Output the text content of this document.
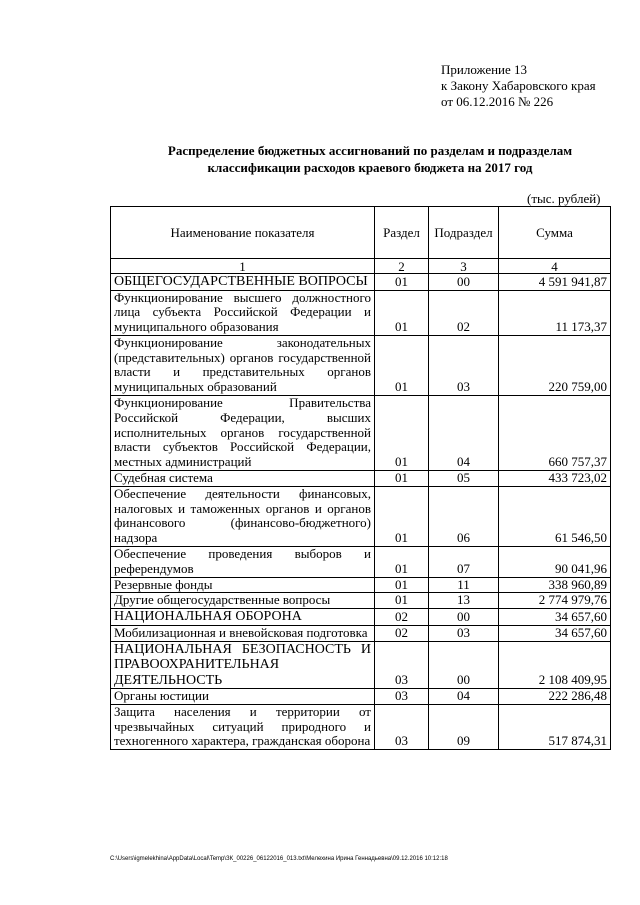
Приложение 13
к Закону Хабаровского края
от 06.12.2016 № 226
Распределение бюджетных ассигнований по разделам и подразделам
классификации расходов краевого бюджета на 2017 год
(тыс. рублей)
Наименование показателя	Раздел	Подраздел	Сумма
1	2	3	4
ОБЩЕГОСУДАРСТВЕННЫЕ ВОПРОСЫ	01	00	4 591 941,87
Функционирование высшего должностного лица субъекта Российской Федерации и муниципального образования	01	02	11 173,37
Функционирование законодательных (представительных) органов государственной власти и представительных органов муниципальных образований	01	03	220 759,00
Функционирование Правительства Российской Федерации, высших исполнительных органов государственной власти субъектов Российской Федерации, местных администраций	01	04	660 757,37
Судебная система	01	05	433 723,02
Обеспечение деятельности финансовых, налоговых и таможенных органов и органов финансового (финансово-бюджетного) надзора	01	06	61 546,50
Обеспечение проведения выборов и референдумов	01	07	90 041,96
Резервные фонды	01	11	338 960,89
Другие общегосударственные вопросы	01	13	2 774 979,76
НАЦИОНАЛЬНАЯ ОБОРОНА	02	00	34 657,60
Мобилизационная и вневойсковая подготовка	02	03	34 657,60
НАЦИОНАЛЬНАЯ БЕЗОПАСНОСТЬ И ПРАВООХРАНИТЕЛЬНАЯ ДЕЯТЕЛЬНОСТЬ	03	00	2 108 409,95
Органы юстиции	03	04	222 286,48
Защита населения и территории от чрезвычайных ситуаций природного и техногенного характера, гражданская оборона	03	09	517 874,31
C:\Users\igmelekhina\AppData\Local\Temp\ЗК_00226_06122016_013.txt\Мелехина Ирина Геннадьевна\09.12.2016 10:12:18
